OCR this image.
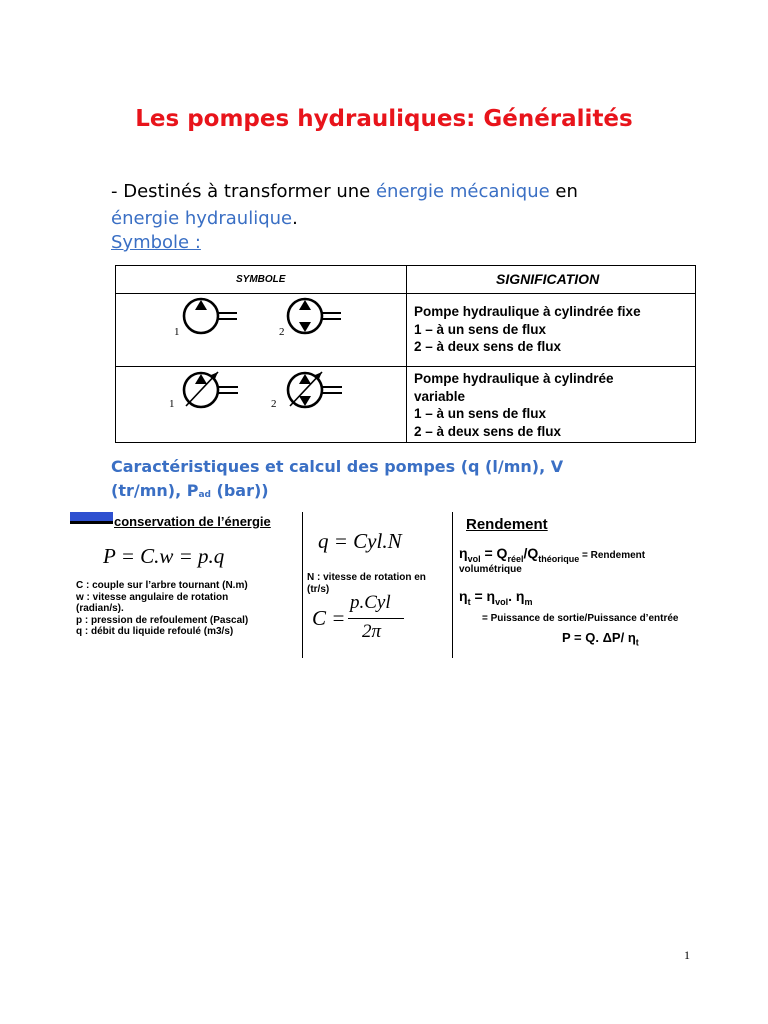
Les pompes hydrauliques: Généralités
- Destinés à transformer une énergie mécanique en
énergie hydraulique.
Symbole :
SYMBOLE	SIGNIFICATION
1	2
Pompe hydraulique à cylindrée fixe
1 – à un sens de flux
2 – à deux sens de flux
1	2
Pompe hydraulique à cylindrée
variable
1 – à un sens de flux
2 – à deux sens de flux
Caractéristiques et calcul des pompes (q (l/mn), V
(tr/mn), $P_{ad}$ (bar))
conservation de l’énergie
P = C.w = p.q
C : couple sur l’arbre tournant (N.m)
w : vitesse angulaire de rotation
(radian/s).
p : pression de refoulement (Pascal)
q : débit du liquide refoulé (m3/s)
q = Cyl.N
N : vitesse de rotation en
(tr/s)
C =
p.Cyl
2π
Rendement
$\eta_{vol} = Q_{réel}/Q_{théorique}$ = Rendement
volumétrique
$\eta_t = \eta_{vol}$. $\eta_m$
= Puissance de sortie/Puissance d’entrée
P = Q. ΔP/ $\eta_t$
1
